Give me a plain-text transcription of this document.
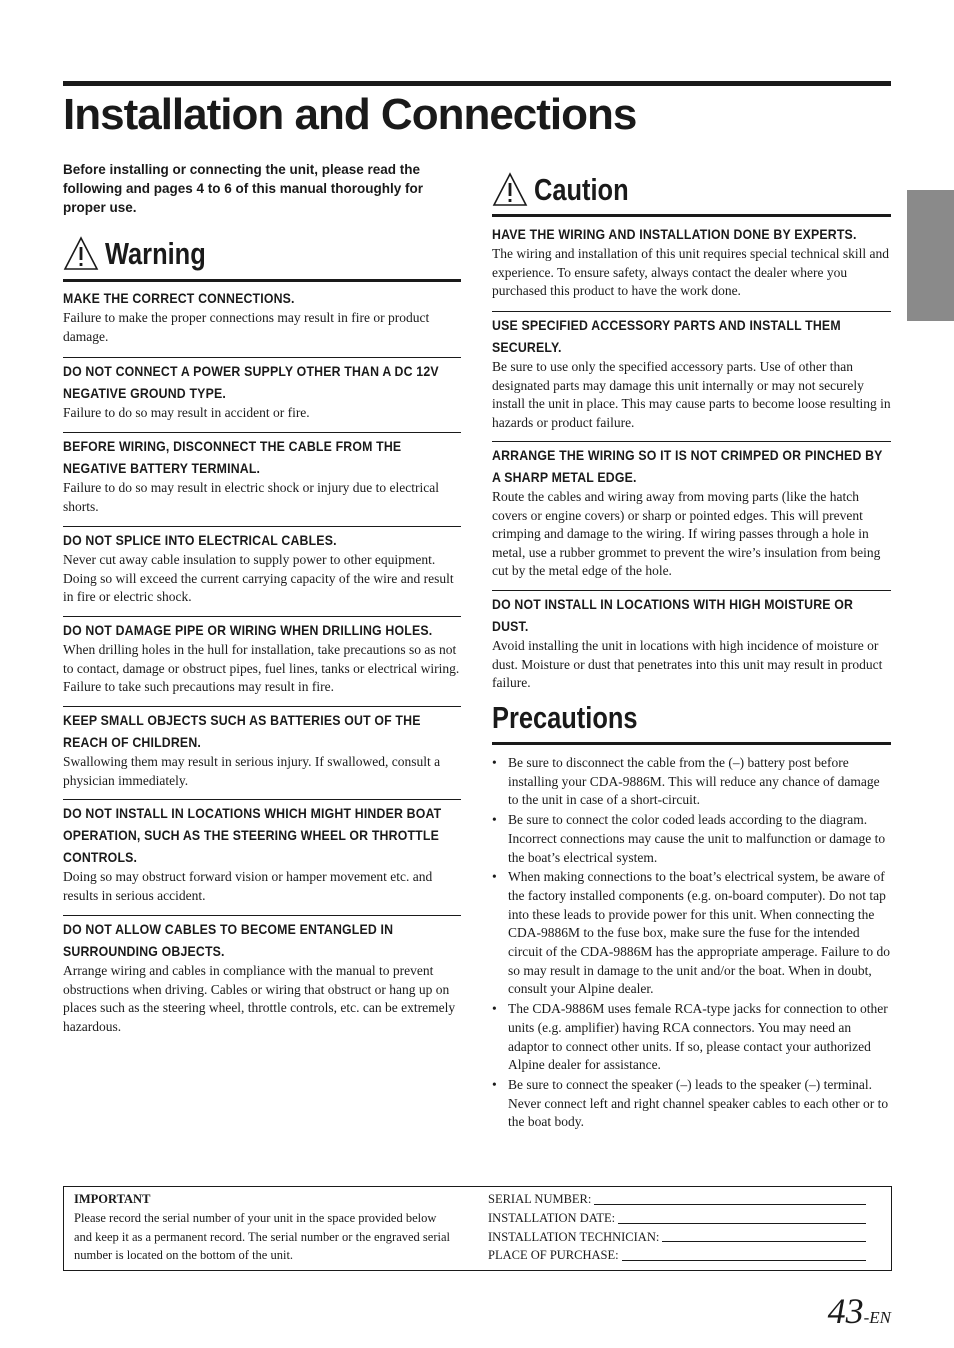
Installation and Connections

Before installing or connecting the unit, please read the following and pages 4 to 6 of this manual thoroughly for proper use.

Warning
MAKE THE CORRECT CONNECTIONS.

Failure to make the proper connections may result in fire or product damage.

DO NOT CONNECT A POWER SUPPLY OTHER THAN A DC 12V NEGATIVE GROUND TYPE.

Failure to do so may result in accident or fire.

BEFORE WIRING, DISCONNECT THE CABLE FROM THE NEGATIVE BATTERY TERMINAL.

Failure to do so may result in electric shock or injury due to electrical shorts.

DO NOT SPLICE INTO ELECTRICAL CABLES.

Never cut away cable insulation to supply power to other equipment. Doing so will exceed the current carrying capacity of the wire and result in fire or electric shock.

DO NOT DAMAGE PIPE OR WIRING WHEN DRILLING HOLES.

When drilling holes in the hull for installation, take precautions so as not to contact, damage or obstruct pipes, fuel lines, tanks or electrical wiring. Failure to take such precautions may result in fire.

KEEP SMALL OBJECTS SUCH AS BATTERIES OUT OF THE REACH OF CHILDREN.

Swallowing them may result in serious injury. If swallowed, consult a physician immediately.

DO NOT INSTALL IN LOCATIONS WHICH MIGHT HINDER BOAT OPERATION, SUCH AS THE STEERING WHEEL OR THROTTLE CONTROLS.

Doing so may obstruct forward vision or hamper movement etc. and results in serious accident.

DO NOT ALLOW CABLES TO BECOME ENTANGLED IN SURROUNDING OBJECTS.

Arrange wiring and cables in compliance with the manual to prevent obstructions when driving. Cables or wiring that obstruct or hang up on places such as the steering wheel, throttle controls, etc. can be extremely hazardous.

Caution
HAVE THE WIRING AND INSTALLATION DONE BY EXPERTS.

The wiring and installation of this unit requires special technical skill and experience. To ensure safety, always contact the dealer where you purchased this product to have the work done.

USE SPECIFIED ACCESSORY PARTS AND INSTALL THEM SECURELY.

Be sure to use only the specified accessory parts. Use of other than designated parts may damage this unit internally or may not securely install the unit in place. This may cause parts to become loose resulting in hazards or product failure.

ARRANGE THE WIRING SO IT IS NOT CRIMPED OR PINCHED BY A SHARP METAL EDGE.

Route the cables and wiring away from moving parts (like the hatch covers or engine covers) or sharp or pointed edges. This will prevent crimping and damage to the wiring. If wiring passes through a hole in metal, use a rubber grommet to prevent the wire’s insulation from being cut by the metal edge of the hole.

DO NOT INSTALL IN LOCATIONS WITH HIGH MOISTURE OR DUST.

Avoid installing the unit in locations with high incidence of moisture or dust. Moisture or dust that penetrates into this unit may result in product failure.

Precautions
• Be sure to disconnect the cable from the (–) battery post before installing your CDA-9886M. This will reduce any chance of damage to the unit in case of a short-circuit.
• Be sure to connect the color coded leads according to the diagram. Incorrect connections may cause the unit to malfunction or damage to the boat’s electrical system.
• When making connections to the boat’s electrical system, be aware of the factory installed components (e.g. on-board computer). Do not tap into these leads to provide power for this unit. When connecting the CDA-9886M to the fuse box, make sure the fuse for the intended circuit of the CDA-9886M has the appropriate amperage. Failure to do so may result in damage to the unit and/or the boat. When in doubt, consult your Alpine dealer.
• The CDA-9886M uses female RCA-type jacks for connection to other units (e.g. amplifier) having RCA connectors. You may need an adaptor to connect other units. If so, please contact your authorized Alpine dealer for assistance.
• Be sure to connect the speaker (–) leads to the speaker (–) terminal. Never connect left and right channel speaker cables to each other or to the boat body.
IMPORTANT
Please record the serial number of your unit in the space provided below and keep it as a permanent record. The serial number or the engraved serial number is located on the bottom of the unit.
SERIAL NUMBER:
INSTALLATION DATE:
INSTALLATION TECHNICIAN:
PLACE OF PURCHASE:
43-EN
